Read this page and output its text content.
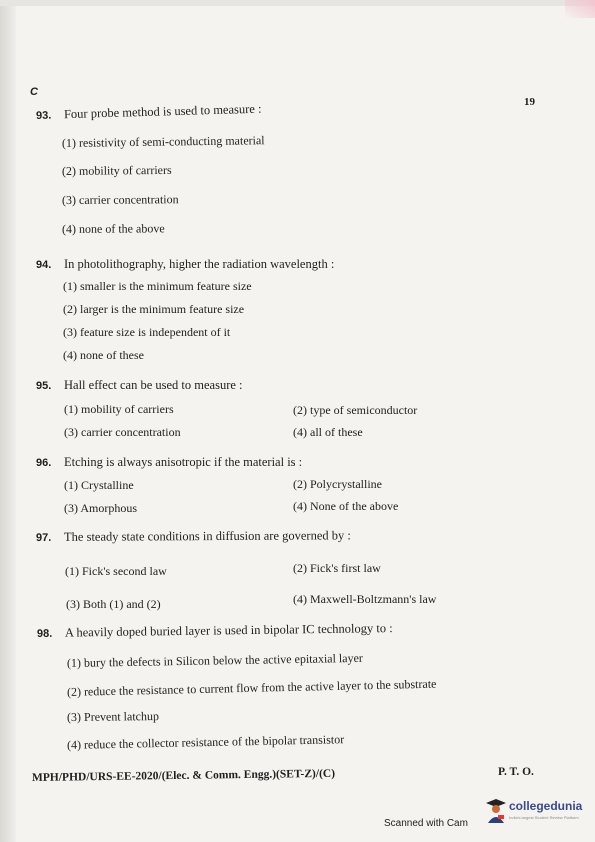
C
19
93. Four probe method is used to measure :
(1) resistivity of semi-conducting material
(2) mobility of carriers
(3) carrier concentration
(4) none of the above
94. In photolithography, higher the radiation wavelength :
(1) smaller is the minimum feature size
(2) larger is the minimum feature size
(3) feature size is independent of it
(4) none of these
95. Hall effect can be used to measure :
(1) mobility of carriers	(2) type of semiconductor
(3) carrier concentration	(4) all of these
96. Etching is always anisotropic if the material is :
(1) Crystalline	(2) Polycrystalline
(3) Amorphous	(4) None of the above
97. The steady state conditions in diffusion are governed by :
(1) Fick's second law	(2) Fick's first law
(3) Both (1) and (2)	(4) Maxwell-Boltzmann's law
98. A heavily doped buried layer is used in bipolar IC technology to :
(1) bury the defects in Silicon below the active epitaxial layer
(2) reduce the resistance to current flow from the active layer to the substrate
(3) Prevent latchup
(4) reduce the collector resistance of the bipolar transistor
MPH/PHD/URS-EE-2020/(Elec. & Comm. Engg.)(SET-Z)/(C)	P. T. O.
Scanned with Cam
collegedunia
India's largest Student Review Platform
